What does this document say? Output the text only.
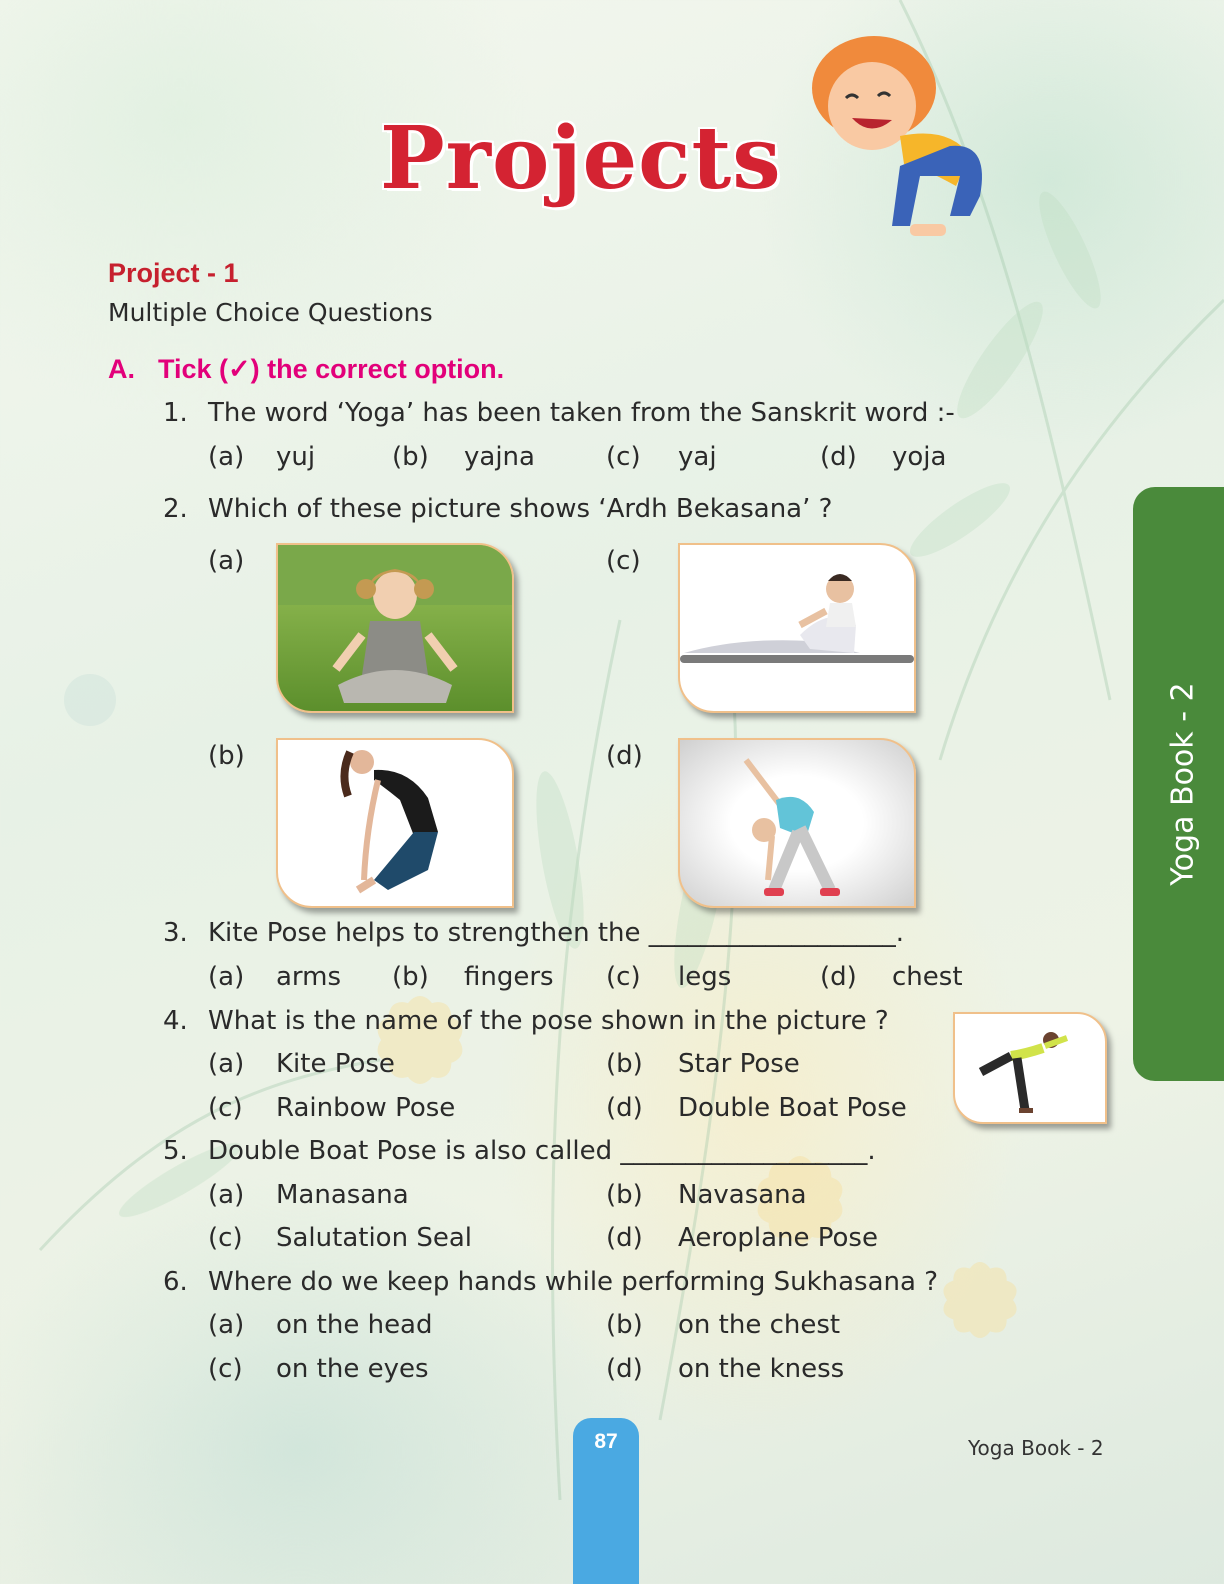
Projects
Project - 1
Multiple Choice Questions
A. Tick (✓) the correct option.
1. The word ‘Yoga’ has been taken from the Sanskrit word :-
(a) yuj	(b) yajna	(c) yaj	(d) yoja
2. Which of these picture shows ‘Ardh Bekasana’ ?
(a)	(c)
(b)	(d)
3. Kite Pose helps to strengthen the ___________________.
(a) arms (b) fingers (c) legs	(d) chest
4. What is the name of the pose shown in the picture ?
(a) Kite Pose	(b) Star Pose
(c) Rainbow Pose	(d) Double Boat Pose
5. Double Boat Pose is also called ___________________.
(a) Manasana	(b) Navasana
(c) Salutation Seal	(d) Aeroplane Pose
6. Where do we keep hands while performing Sukhasana ?
(a) on the head	(b) on the chest
(c) on the eyes	(d) on the kness
Yoga Book - 2
87	Yoga Book - 2
